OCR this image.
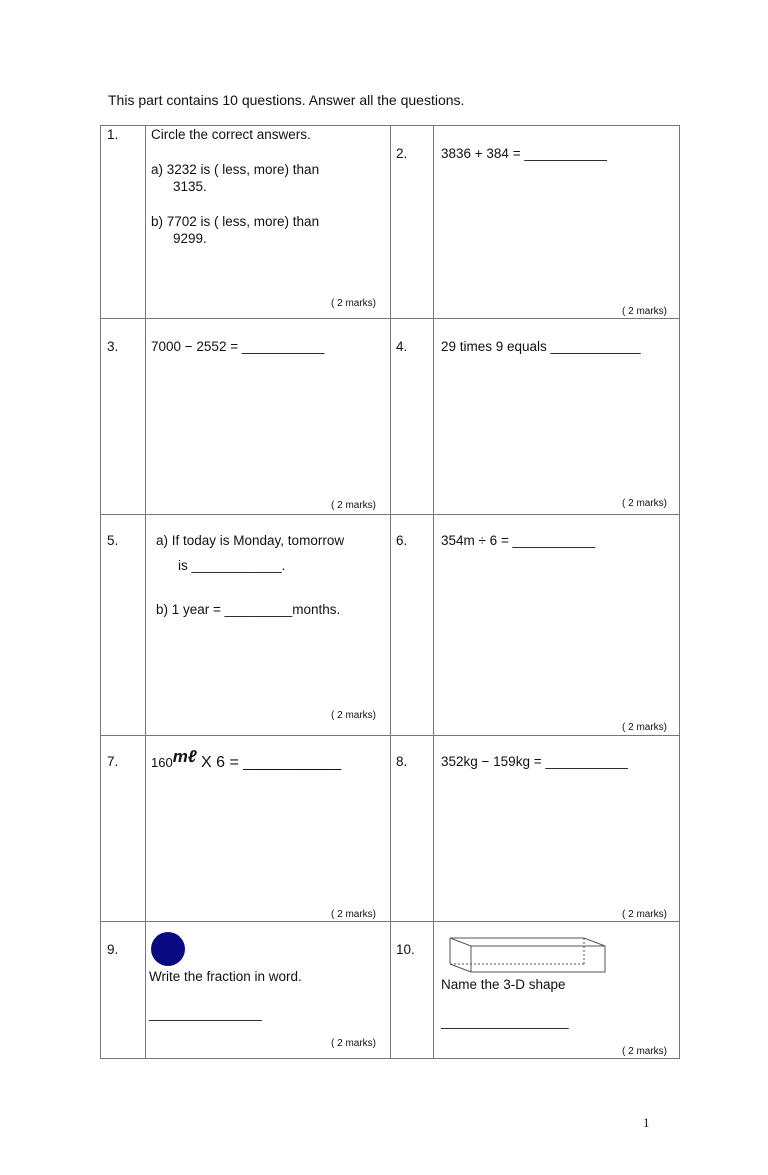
This part contains 10 questions. Answer all the questions.
1. Circle the correct answers.
a) 3232 is ( less, more) than
3135.
b) 7702 is ( less, more) than
9299.
( 2 marks)
2. 3836 + 384 = ___________
( 2 marks)
3. 7000 − 2552 = ___________
( 2 marks)
4. 29 times 9 equals ____________
( 2 marks)
5.	a) If today is Monday, tomorrow
is ____________.
b) 1 year = _________months.
( 2 marks)
6. 354m ÷ 6 = ___________
( 2 marks)
7.	160mℓ X 6 = ___________
( 2 marks)
8. 352kg − 159kg = ___________
( 2 marks)
9.
Write the fraction in word.
_______________
( 2 marks)
10.
Name the 3-D shape
_________________
( 2 marks)
1
